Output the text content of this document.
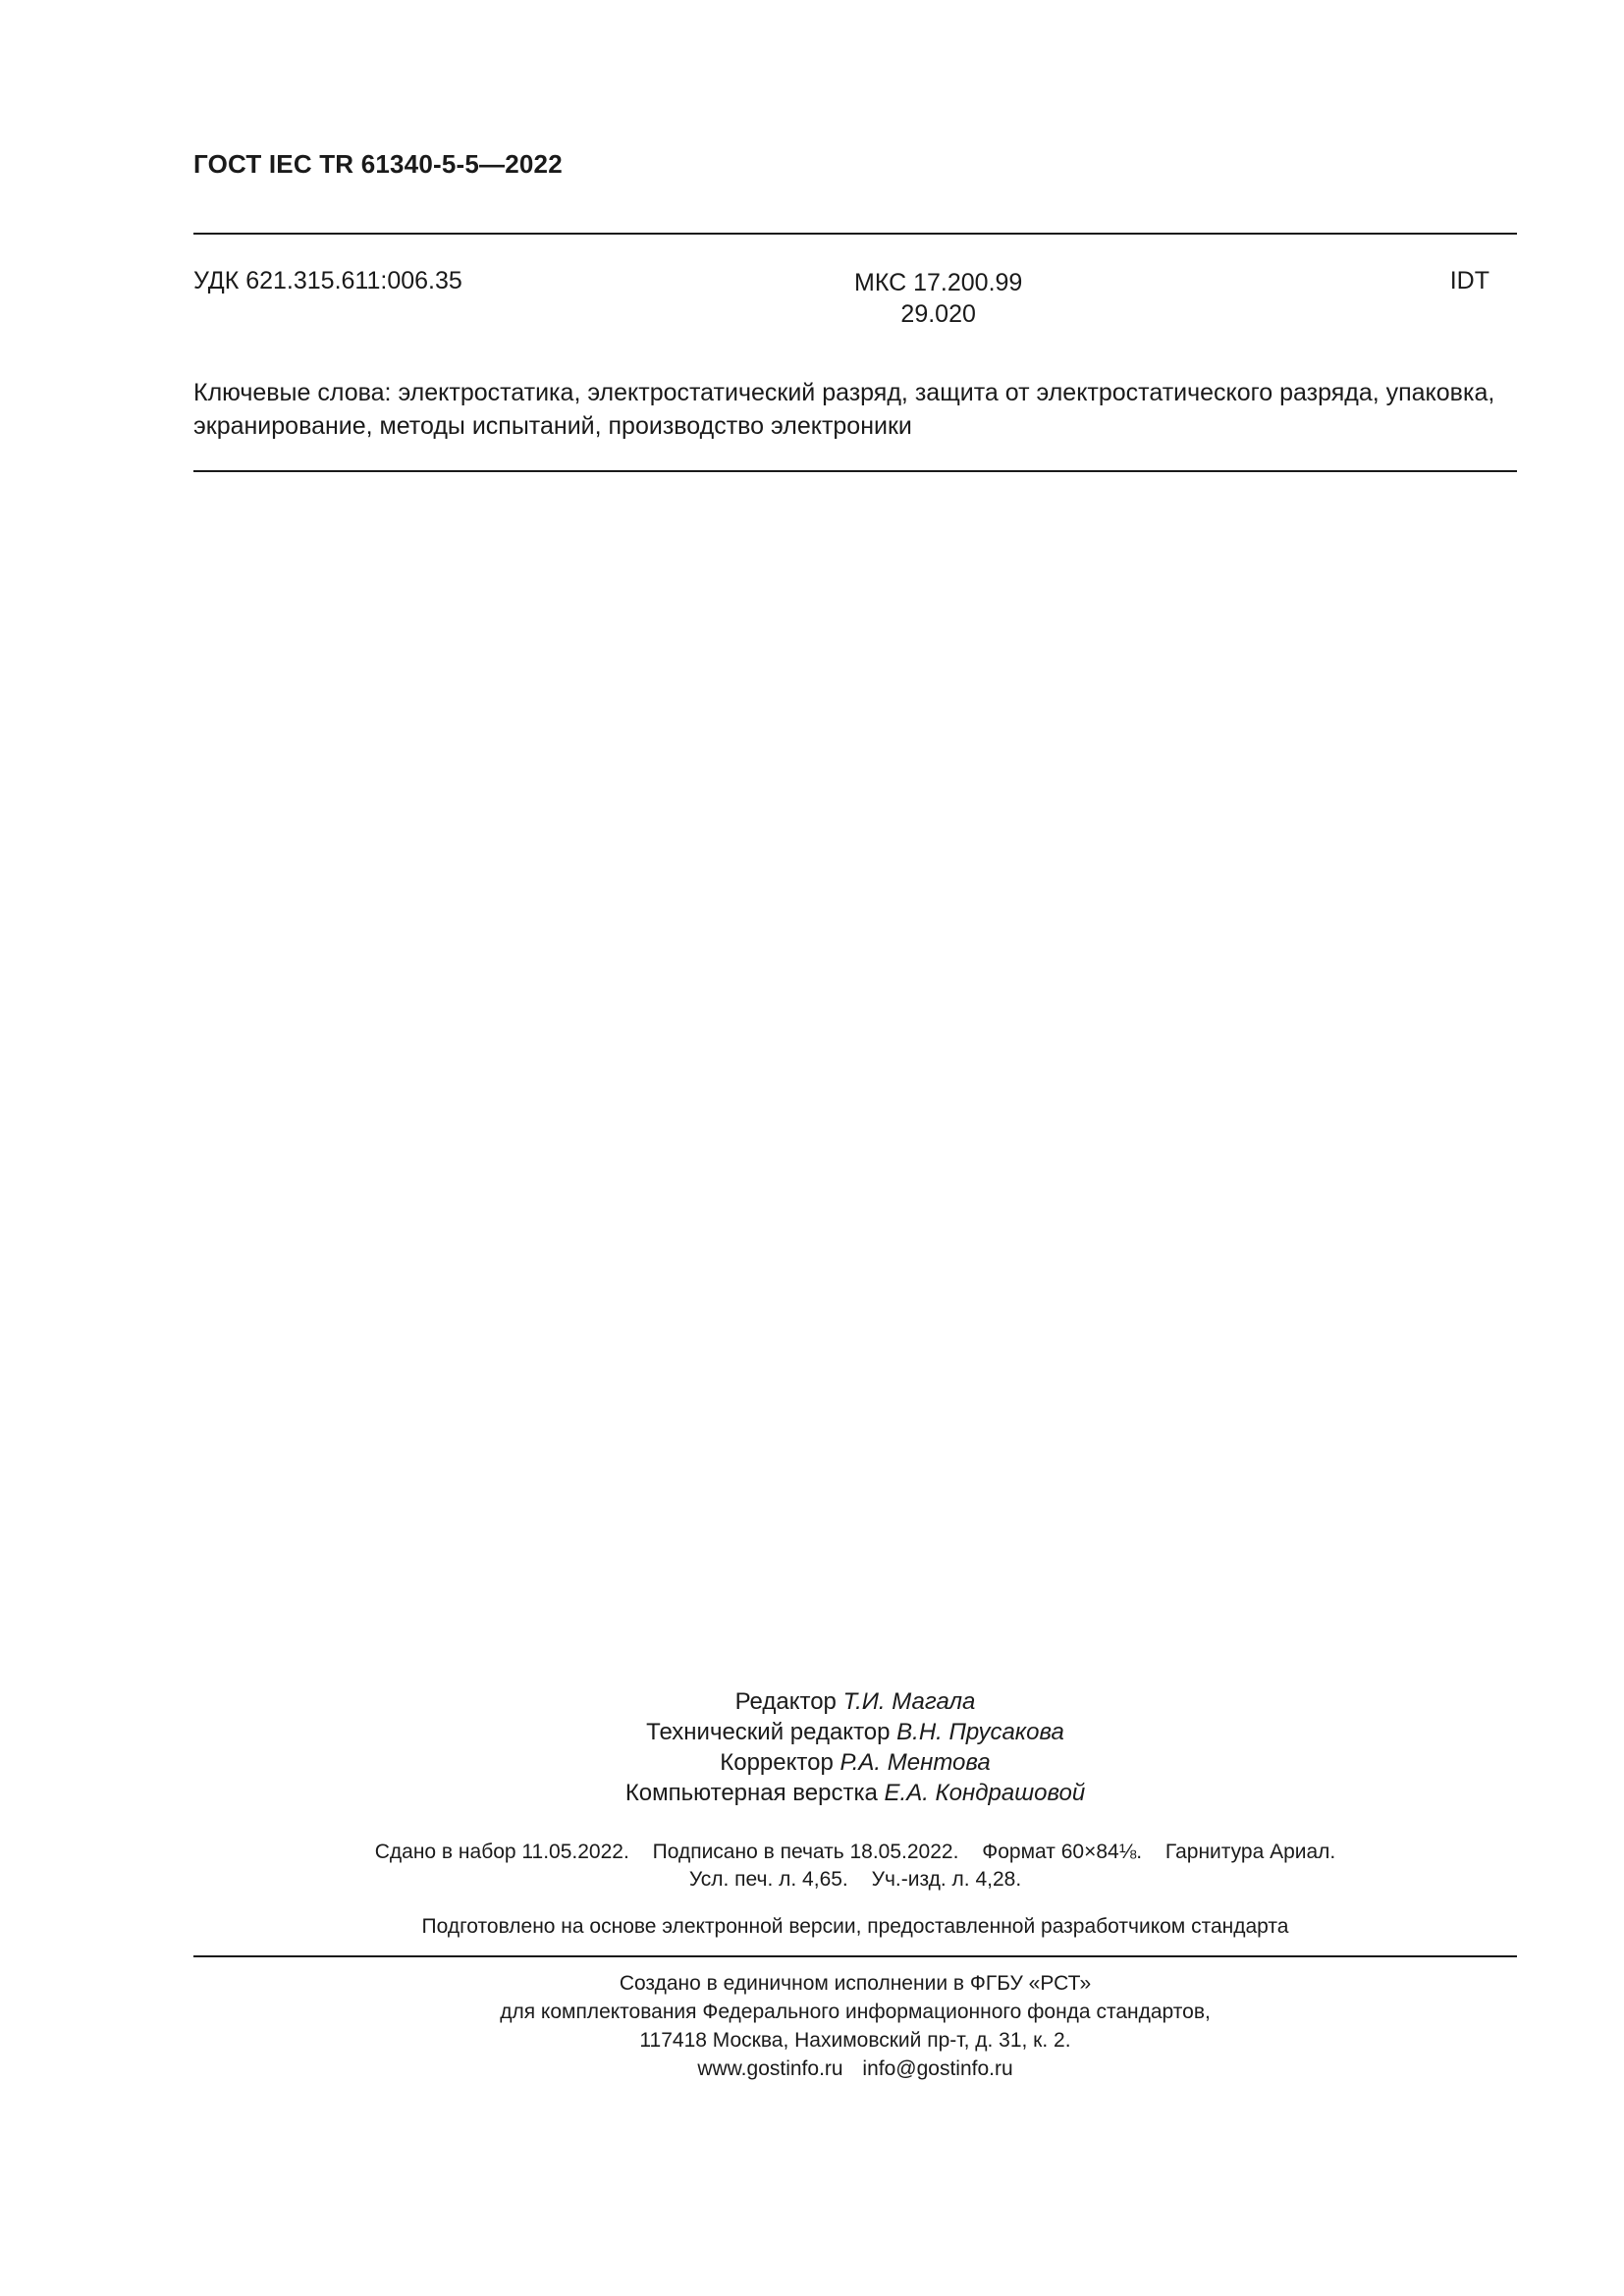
ГОСТ IEC TR 61340-5-5—2022
УДК 621.315.611:006.35	МКС 17.200.99
29.020
IDT
Ключевые слова: электростатика, электростатический разряд, защита от электростатического разряда, упаковка, экранирование, методы испытаний, производство электроники
Редактор Т.И. Магала
Технический редактор В.Н. Прусакова
Корректор Р.А. Ментова
Компьютерная верстка Е.А. Кондрашовой
Сдано в набор 11.05.2022. Подписано в печать 18.05.2022. Формат 60×84⅛. Гарнитура Ариал.
Усл. печ. л. 4,65. Уч.-изд. л. 4,28.
Подготовлено на основе электронной версии, предоставленной разработчиком стандарта
Создано в единичном исполнении в ФГБУ «РСТ»
для комплектования Федерального информационного фонда стандартов,
117418 Москва, Нахимовский пр-т, д. 31, к. 2.
www.gostinfo.ru info@gostinfo.ru
